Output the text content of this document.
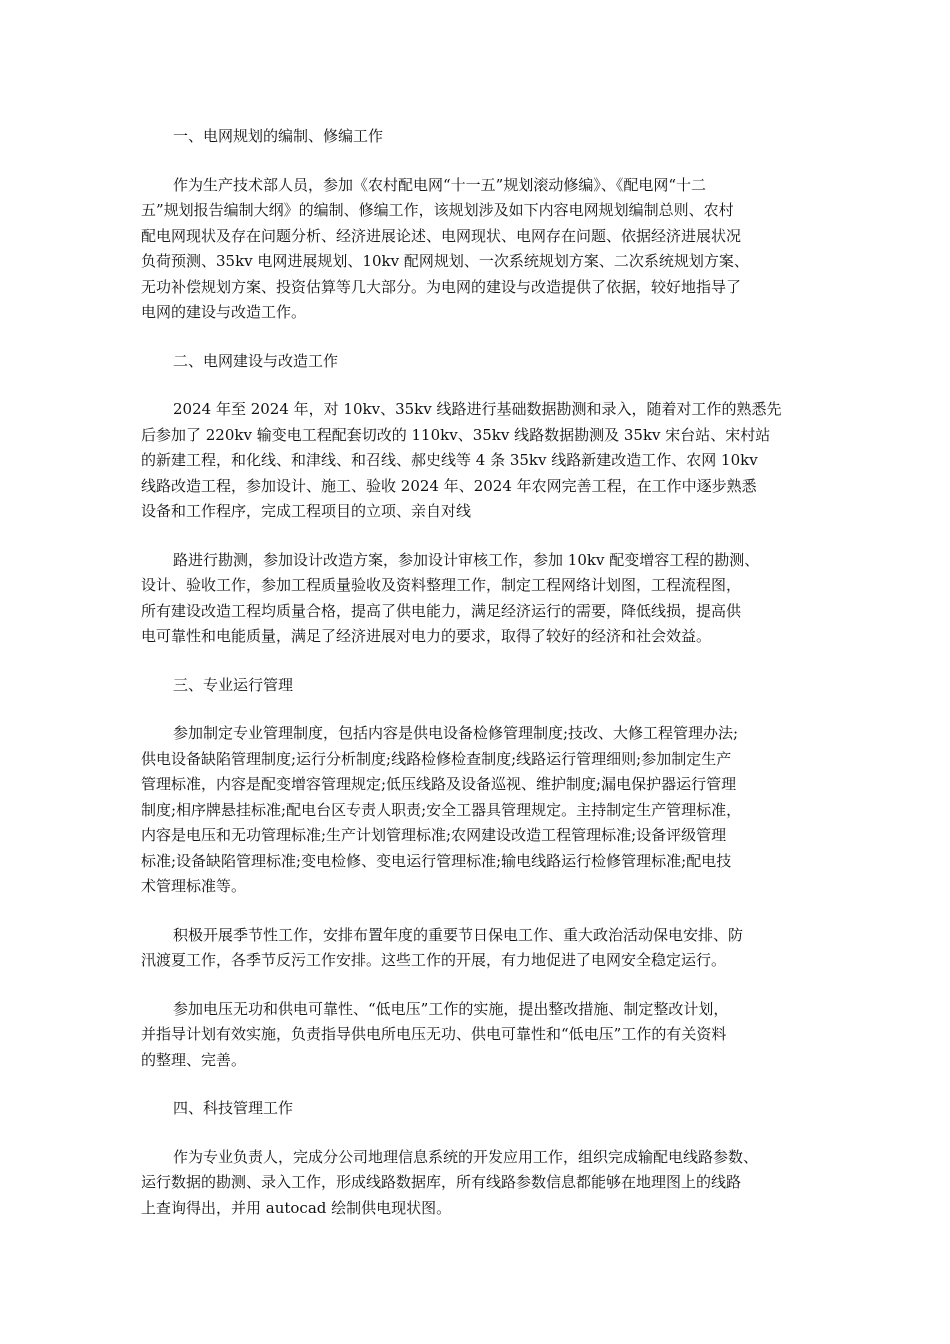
一、电网规划的编制、修编工作

作为生产技术部人员，参加《农村配电网“十一五”规划滚动修编》、《配电网“十二
五”规划报告编制大纲》的编制、修编工作，该规划涉及如下内容电网规划编制总则、农村
配电网现状及存在问题分析、经济进展论述、电网现状、电网存在问题、依据经济进展状况
负荷预测、35kv 电网进展规划、10kv 配网规划、一次系统规划方案、二次系统规划方案、
无功补偿规划方案、投资估算等几大部分。为电网的建设与改造提供了依据，较好地指导了
电网的建设与改造工作。

二、电网建设与改造工作

2024 年至 2024 年，对 10kv、35kv 线路进行基础数据勘测和录入，随着对工作的熟悉先
后参加了 220kv 输变电工程配套切改的 110kv、35kv 线路数据勘测及 35kv 宋台站、宋村站
的新建工程，和化线、和津线、和召线、郝史线等 4 条 35kv 线路新建改造工作、农网 10kv
线路改造工程，参加设计、施工、验收 2024 年、2024 年农网完善工程，在工作中逐步熟悉
设备和工作程序，完成工程项目的立项、亲自对线

路进行勘测，参加设计改造方案，参加设计审核工作，参加 10kv 配变增容工程的勘测、
设计、验收工作，参加工程质量验收及资料整理工作，制定工程网络计划图，工程流程图，
所有建设改造工程均质量合格，提高了供电能力，满足经济运行的需要，降低线损，提高供
电可靠性和电能质量，满足了经济进展对电力的要求，取得了较好的经济和社会效益。

三、专业运行管理

参加制定专业管理制度，包括内容是供电设备检修管理制度;技改、大修工程管理办法;
供电设备缺陷管理制度;运行分析制度;线路检修检查制度;线路运行管理细则;参加制定生产
管理标准，内容是配变增容管理规定;低压线路及设备巡视、维护制度;漏电保护器运行管理
制度;相序牌悬挂标准;配电台区专责人职责;安全工器具管理规定。主持制定生产管理标准，
内容是电压和无功管理标准;生产计划管理标准;农网建设改造工程管理标准;设备评级管理
标准;设备缺陷管理标准;变电检修、变电运行管理标准;输电线路运行检修管理标准;配电技
术管理标准等。

积极开展季节性工作，安排布置年度的重要节日保电工作、重大政治活动保电安排、防
汛渡夏工作，各季节反污工作安排。这些工作的开展，有力地促进了电网安全稳定运行。

参加电压无功和供电可靠性、“低电压”工作的实施，提出整改措施、制定整改计划，
并指导计划有效实施，负责指导供电所电压无功、供电可靠性和“低电压”工作的有关资料
的整理、完善。

四、科技管理工作

作为专业负责人，完成分公司地理信息系统的开发应用工作，组织完成输配电线路参数、
运行数据的勘测、录入工作，形成线路数据库，所有线路参数信息都能够在地理图上的线路
上查询得出，并用 autocad 绘制供电现状图。
